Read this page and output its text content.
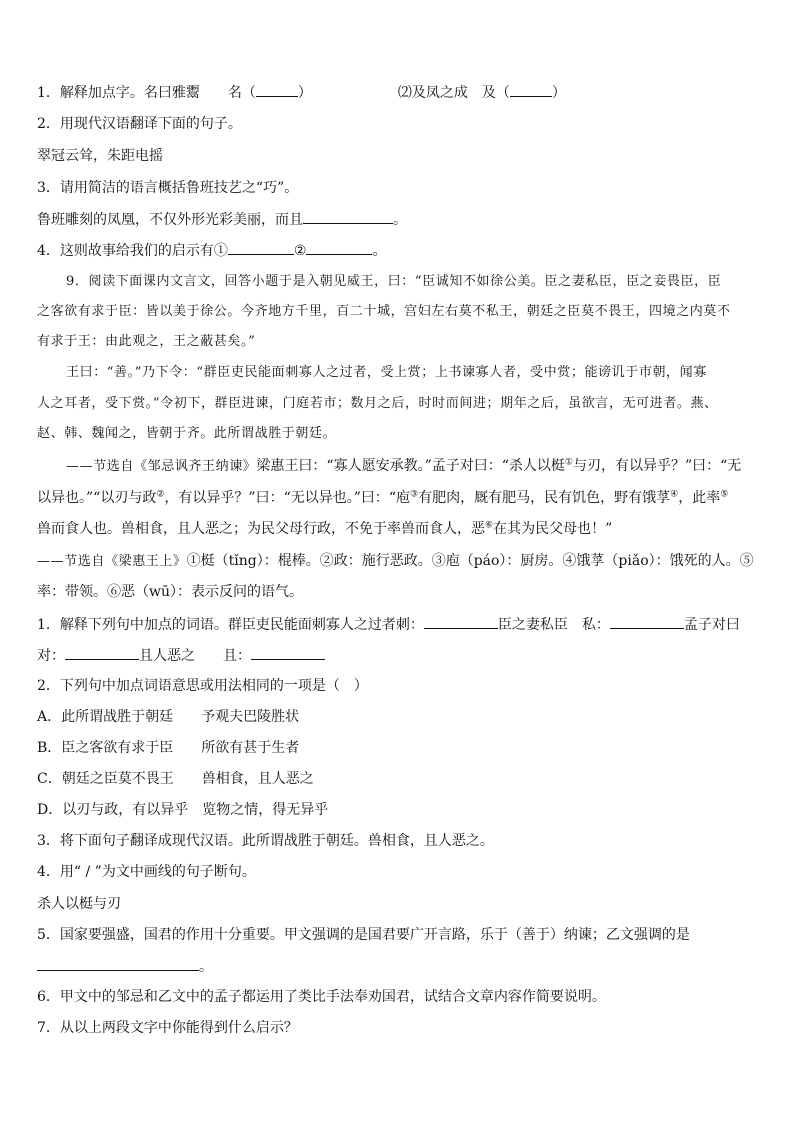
1．解释加点字。名曰雅鬻　　名（	）	⑵及凤之成　及（	）
2．用现代汉语翻译下面的句子。
翠冠云耸，朱距电摇
3．请用简洁的语言概括鲁班技艺之“巧”。
鲁班雕刻的凤凰，不仅外形光彩美丽，而且	。
4．这则故事给我们的启示有①	②	。
9．阅读下面课内文言文，回答小题于是入朝见威王，曰：“臣诚知不如徐公美。臣之妻私臣，臣之妾畏臣，臣
之客欲有求于臣：皆以美于徐公。今齐地方千里，百二十城，宫妇左右莫不私王，朝廷之臣莫不畏王，四境之内莫不
有求于王：由此观之，王之蔽甚矣。”
王曰：“善。”乃下令：“群臣吏民能面刺寡人之过者，受上赏；上书谏寡人者，受中赏；能谤讥于市朝，闻寡
人之耳者，受下赏。”令初下，群臣进谏，门庭若市；数月之后，时时而间进；期年之后，虽欲言，无可进者。燕、
赵、韩、魏闻之，皆朝于齐。此所谓战胜于朝廷。
——节选自《邹忌讽齐王纳谏》梁惠王曰：“寡人愿安承教。”孟子对曰：“杀人以梃①与刃，有以异乎？”曰：“无
以异也。”“以刃与政②，有以异乎？”曰：“无以异也。”曰：“庖③有肥肉，厩有肥马，民有饥色，野有饿莩④，此率⑤
兽而食人也。兽相食，且人恶之；为民父母行政，不免于率兽而食人，恶⑥在其为民父母也！”
——节选自《梁惠王上》①梃（tǐng）：棍棒。②政：施行恶政。③庖（páo）：厨房。④饿莩（piǎo）：饿死的人。⑤
率：带领。⑥恶（wū）：表示反问的语气。
1．解释下列句中加点的词语。群臣吏民能面刺寡人之过者刺：	臣之妻私臣　私：	孟子对曰
对：	且人恶之　　且：
2．下列句中加点词语意思或用法相同的一项是（　）
A．此所谓战胜于朝廷　　予观夫巴陵胜状
B．臣之客欲有求于臣　　所欲有甚于生者
C．朝廷之臣莫不畏王　　兽相食，且人恶之
D．以刃与政，有以异乎　览物之情，得无异乎
3．将下面句子翻译成现代汉语。此所谓战胜于朝廷。兽相食，且人恶之。
4．用“ / ”为文中画线的句子断句。
杀人以梃与刃
5．国家要强盛，国君的作用十分重要。甲文强调的是国君要广开言路，乐于（善于）纳谏；乙文强调的是
。
6．甲文中的邹忌和乙文中的孟子都运用了类比手法奉劝国君，试结合文章内容作简要说明。
7．从以上两段文字中你能得到什么启示？
